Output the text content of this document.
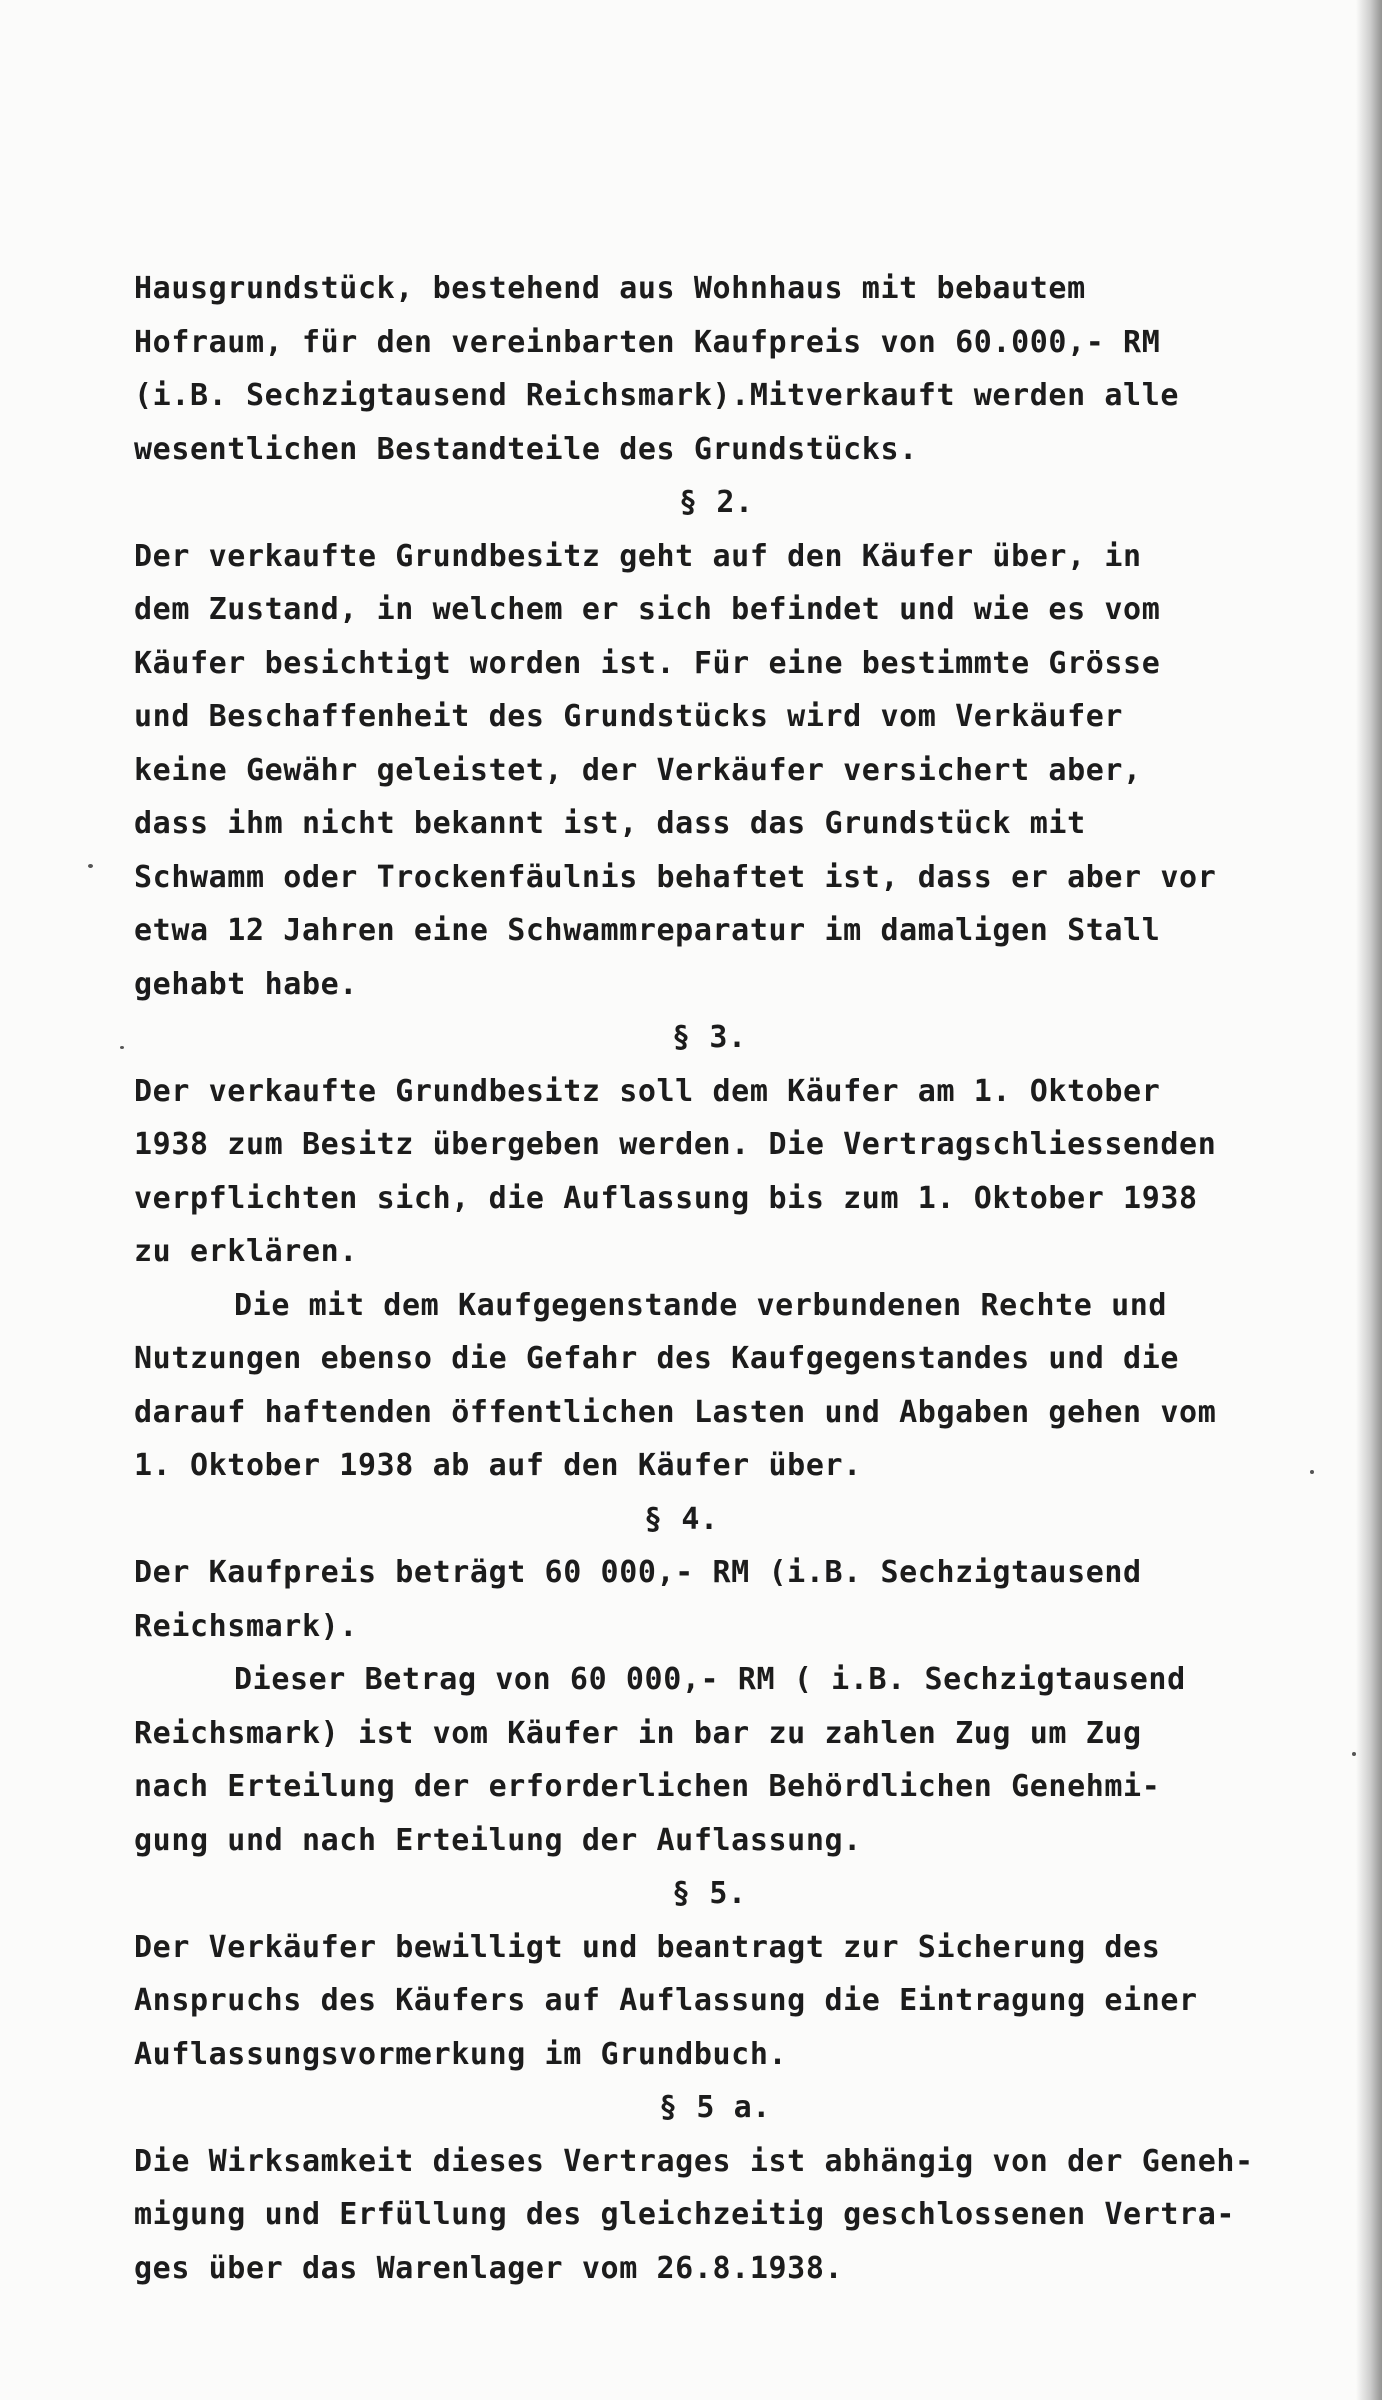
Hausgrundstück, bestehend aus Wohnhaus mit bebautem
Hofraum, für den vereinbarten Kaufpreis von 60.000,- RM
(i.B. Sechzigtausend Reichsmark).Mitverkauft werden alle
wesentlichen Bestandteile des Grundstücks.
§ 2.
Der verkaufte Grundbesitz geht auf den Käufer über, in
dem Zustand, in welchem er sich befindet und wie es vom
Käufer besichtigt worden ist. Für eine bestimmte Grösse
und Beschaffenheit des Grundstücks wird vom Verkäufer
keine Gewähr geleistet, der Verkäufer versichert aber,
dass ihm nicht bekannt ist, dass das Grundstück mit
Schwamm oder Trockenfäulnis behaftet ist, dass er aber vor
etwa 12 Jahren eine Schwammreparatur im damaligen Stall
gehabt habe.
§ 3.
Der verkaufte Grundbesitz soll dem Käufer am 1. Oktober
1938 zum Besitz übergeben werden. Die Vertragschliessenden
verpflichten sich, die Auflassung bis zum 1. Oktober 1938
zu erklären.
Die mit dem Kaufgegenstande verbundenen Rechte und
Nutzungen ebenso die Gefahr des Kaufgegenstandes und die
darauf haftenden öffentlichen Lasten und Abgaben gehen vom
1. Oktober 1938 ab auf den Käufer über.
§ 4.
Der Kaufpreis beträgt 60 000,- RM (i.B. Sechzigtausend
Reichsmark).
Dieser Betrag von 60 000,- RM ( i.B. Sechzigtausend
Reichsmark) ist vom Käufer in bar zu zahlen Zug um Zug
nach Erteilung der erforderlichen Behördlichen Genehmi-
gung und nach Erteilung der Auflassung.
§ 5.
Der Verkäufer bewilligt und beantragt zur Sicherung des
Anspruchs des Käufers auf Auflassung die Eintragung einer
Auflassungsvormerkung im Grundbuch.
§ 5 a.
Die Wirksamkeit dieses Vertrages ist abhängig von der Geneh-
migung und Erfüllung des gleichzeitig geschlossenen Vertra-
ges über das Warenlager vom 26.8.1938.
